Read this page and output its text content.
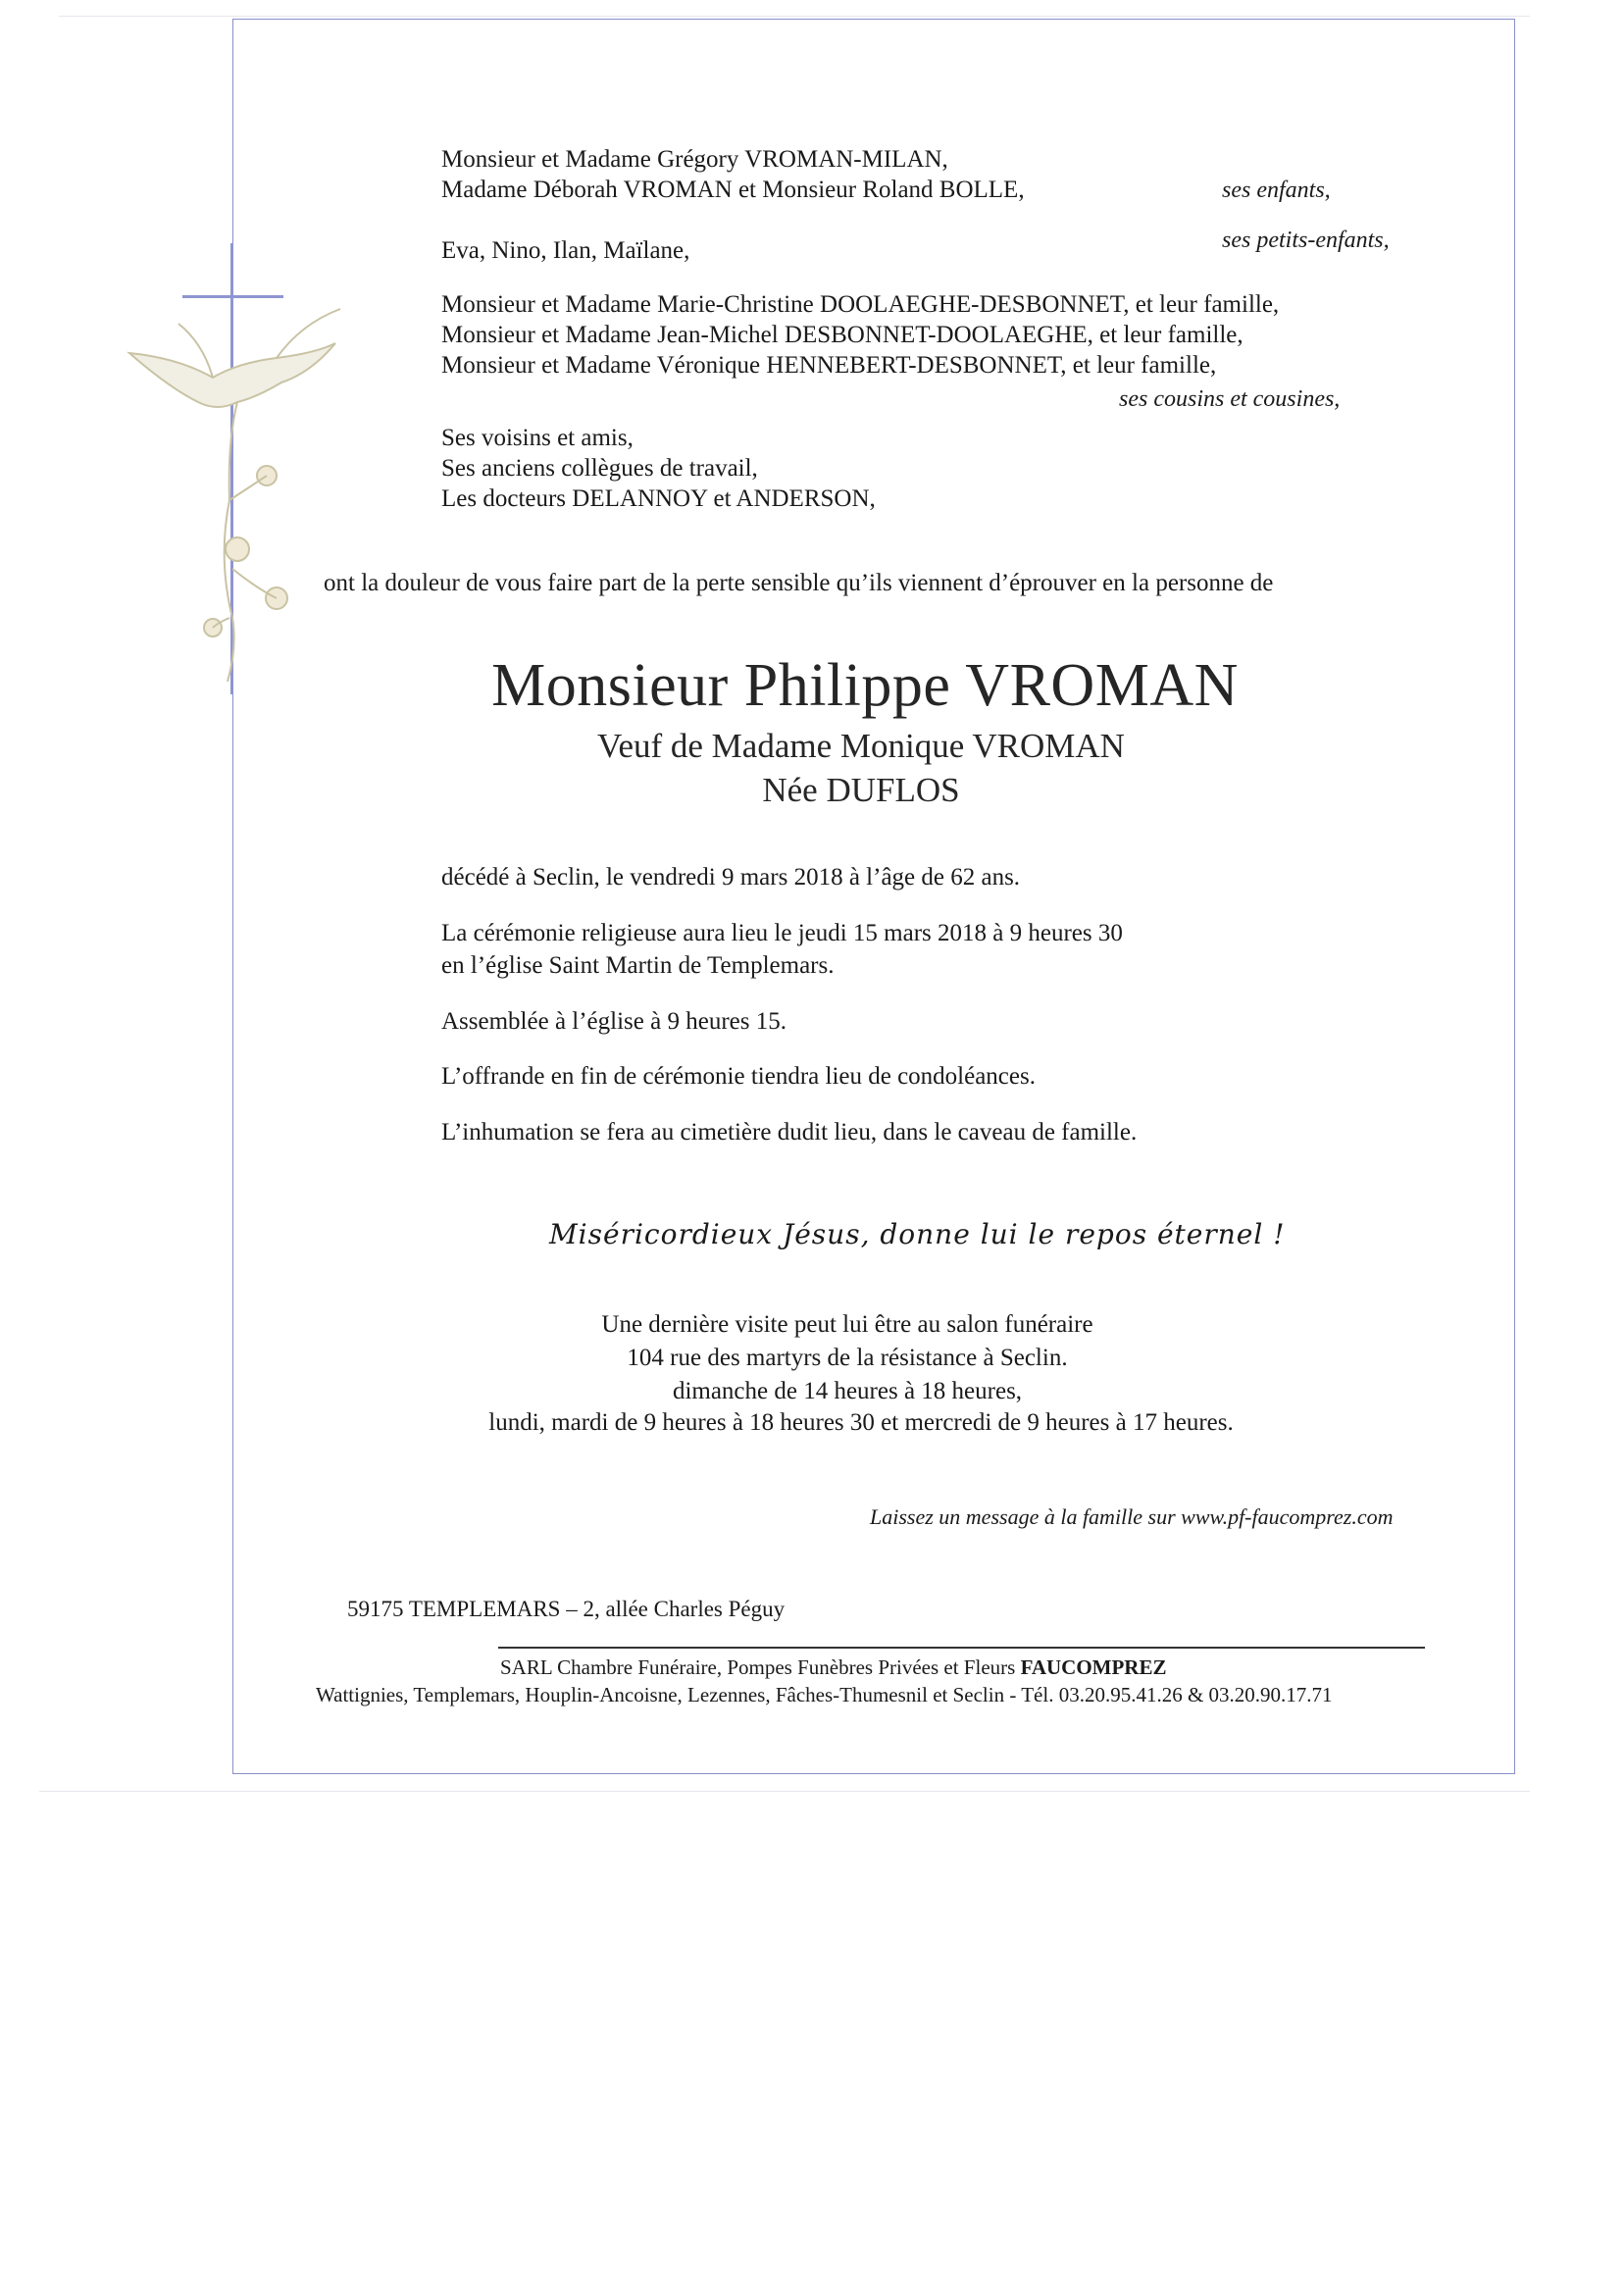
Monsieur et Madame Grégory VROMAN-MILAN,
Madame Déborah VROMAN et Monsieur Roland BOLLE,	ses enfants,
Eva, Nino, Ilan, Maïlane,	ses petits-enfants,
Monsieur et Madame Marie-Christine DOOLAEGHE-DESBONNET, et leur famille,
Monsieur et Madame Jean-Michel DESBONNET-DOOLAEGHE, et leur famille,
Monsieur et Madame Véronique HENNEBERT-DESBONNET, et leur famille,
ses cousins et cousines,
Ses voisins et amis,
Ses anciens collègues de travail,
Les docteurs DELANNOY et ANDERSON,
ont la douleur de vous faire part de la perte sensible qu’ils viennent d’éprouver en la personne de
Monsieur Philippe VROMAN
Veuf de Madame Monique VROMAN
Née DUFLOS
décédé à Seclin, le vendredi 9 mars 2018 à l’âge de 62 ans.
La cérémonie religieuse aura lieu le jeudi 15 mars 2018 à 9 heures 30
en l’église Saint Martin de Templemars.
Assemblée à l’église à 9 heures 15.
L’offrande en fin de cérémonie tiendra lieu de condoléances.
L’inhumation se fera au cimetière dudit lieu, dans le caveau de famille.
Miséricordieux Jésus, donne lui le repos éternel !
Une dernière visite peut lui être au salon funéraire
104 rue des martyrs de la résistance à Seclin.
dimanche de 14 heures à 18 heures,
lundi, mardi de 9 heures à 18 heures 30 et mercredi de 9 heures à 17 heures.
Laissez un message à la famille sur www.pf-faucomprez.com
59175 TEMPLEMARS – 2, allée Charles Péguy
SARL Chambre Funéraire, Pompes Funèbres Privées et Fleurs FAUCOMPREZ
Wattignies, Templemars, Houplin-Ancoisne, Lezennes, Fâches-Thumesnil et Seclin - Tél. 03.20.95.41.26 & 03.20.90.17.71
